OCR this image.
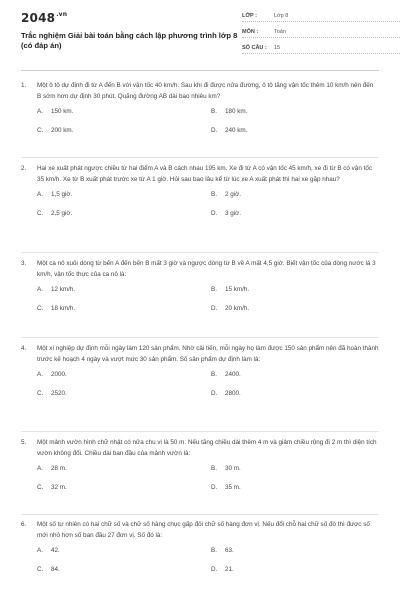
$2048^{.vn}$
Trắc nghiệm Giải bài toán bằng cách lập phương trình lớp 8 (có đáp án)
LỚP :	Lớp 8
MÔN :	Toán
SỐ CÂU :	15
1.	Một ô tô dự định đi từ A đến B với vận tốc 40 km/h. Sau khi đi được nửa đường, ô tô tăng vận tốc thêm 10 km/h nên đến B sớm hơn dự định 30 phút. Quãng đường AB dài bao nhiêu km?
A. 150 km.	B. 180 km.
C. 200 km.	D. 240 km.
2.	Hai xe xuất phát ngược chiều từ hai điểm A và B cách nhau 195 km. Xe đi từ A có vận tốc 45 km/h, xe đi từ B có vận tốc 35 km/h. Xe từ B xuất phát trước xe từ A 1 giờ. Hỏi sau bao lâu kể từ lúc xe A xuất phát thì hai xe gặp nhau?
A. 1,5 giờ.	B. 2 giờ.
C. 2,5 giờ.	D. 3 giờ.
3.	Một ca nô xuôi dòng từ bến A đến bến B mất 3 giờ và ngược dòng từ B về A mất 4,5 giờ. Biết vận tốc của dòng nước là 3 km/h, vận tốc thực của ca nô là:
A. 12 km/h.	B. 15 km/h.
C. 18 km/h.	D. 20 km/h.
4.	Một xí nghiệp dự định mỗi ngày làm 120 sản phẩm. Nhờ cải tiến, mỗi ngày họ làm được 150 sản phẩm nên đã hoàn thành trước kế hoạch 4 ngày và vượt mức 30 sản phẩm. Số sản phẩm dự định làm là:
A. 2000.	B. 2400.
C. 2520.	D. 2800.
5.	Một mảnh vườn hình chữ nhật có nửa chu vi là 50 m. Nếu tăng chiều dài thêm 4 m và giảm chiều rộng đi 2 m thì diện tích vườn không đổi. Chiều dài ban đầu của mảnh vườn là:
A. 28 m.	B. 30 m.
C. 32 m.	D. 35 m.
6.	Một số tự nhiên có hai chữ số và chữ số hàng chục gấp đôi chữ số hàng đơn vị. Nếu đổi chỗ hai chữ số đó thì được số mới nhỏ hơn số ban đầu 27 đơn vị. Số đó là:
A. 42.	B. 63.
C. 84.	D. 21.
